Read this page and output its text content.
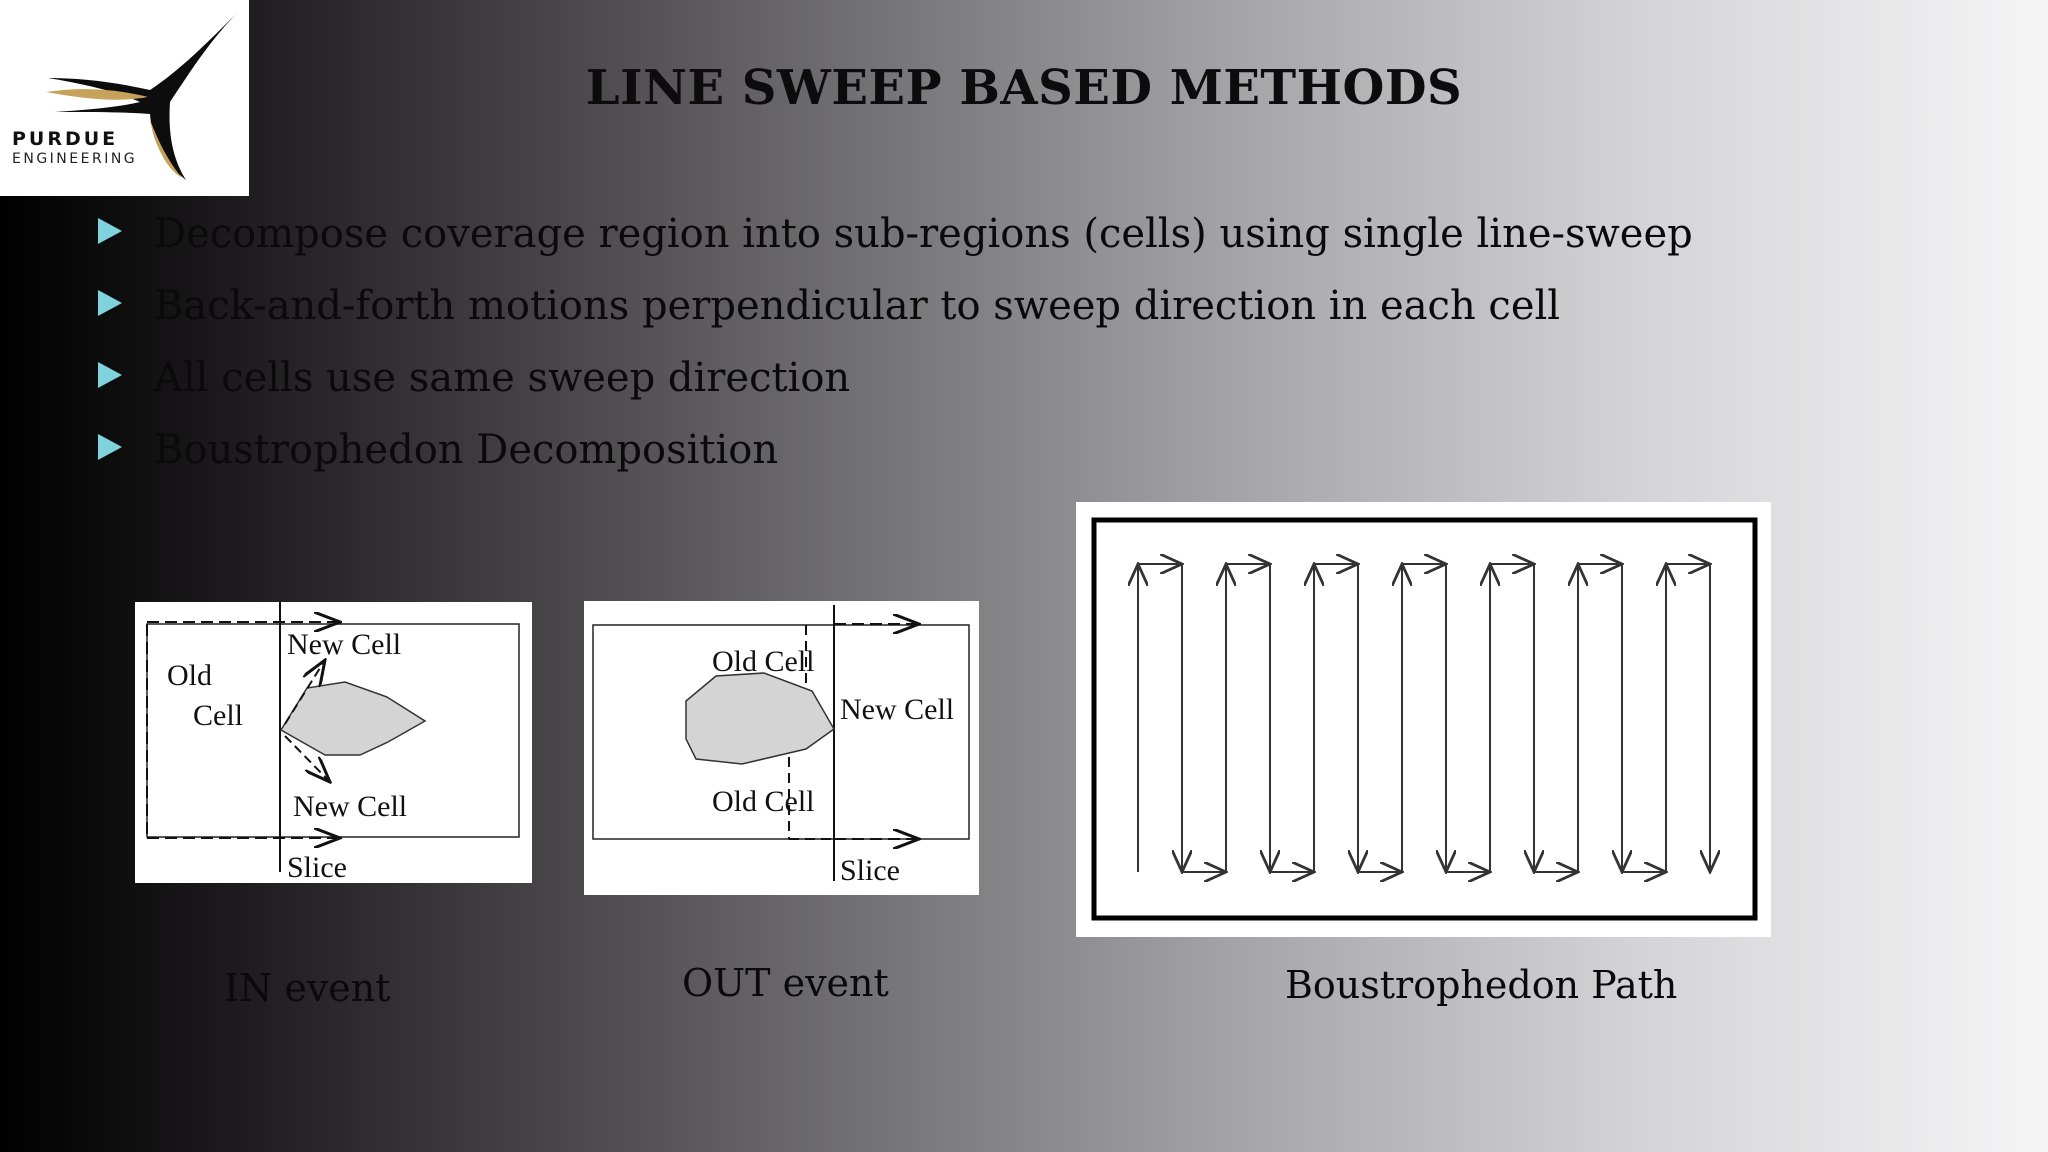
PURDUE
ENGINEERING
LINE SWEEP BASED METHODS
Decompose coverage region into sub-regions (cells) using single line-sweep
Back-and-forth motions perpendicular to sweep direction in each cell
All cells use same sweep direction
Boustrophedon Decomposition
New Cell
Old
Cell
New Cell
Slice
Old Cell
New Cell
Old Cell
Slice
IN event	OUT event	Boustrophedon Path
